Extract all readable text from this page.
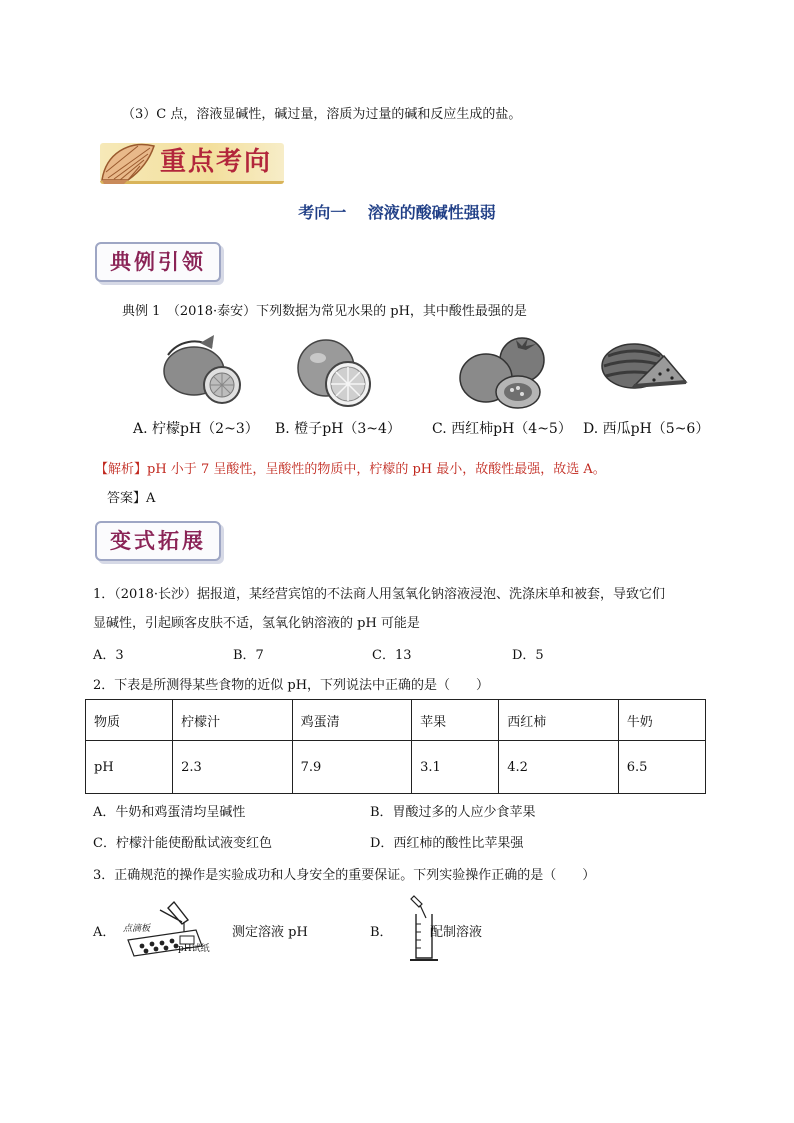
（3）C 点，溶液显碱性，碱过量，溶质为过量的碱和反应生成的盐。
重点考向
考向一　 溶液的酸碱性强弱
典例引领
典例 1　（2018·泰安）下列数据为常见水果的 pH，其中酸性最强的是
A. 柠檬pH（2~3） B. 橙子pH（3~4） C. 西红柿pH（4~5） D. 西瓜pH（5~6）
【解析】pH 小于 7 呈酸性，呈酸性的物质中，柠檬的 pH 最小，故酸性最强，故选 A。
答案】A
变式拓展
1．（2018·长沙）据报道，某经营宾馆的不法商人用氢氧化钠溶液浸泡、洗涤床单和被套，导致它们
显碱性，引起顾客皮肤不适，氢氧化钠溶液的 pH 可能是
A．3	B．7	C．13	D．5
2．下表是所测得某些食物的近似 pH，下列说法中正确的是（　　）
物质	柠檬汁	鸡蛋清	苹果	西红柿	牛奶
pH	2.3	7.9	3.1	4.2	6.5
A．牛奶和鸡蛋清均呈碱性	B．胃酸过多的人应少食苹果
C．柠檬汁能使酚酞试液变红色	D．西红柿的酸性比苹果强
3．正确规范的操作是实验成功和人身安全的重要保证。下列实验操作正确的是（　　）
A． 点滴板
pH试纸
测定溶液 pH	B．	配制溶液
